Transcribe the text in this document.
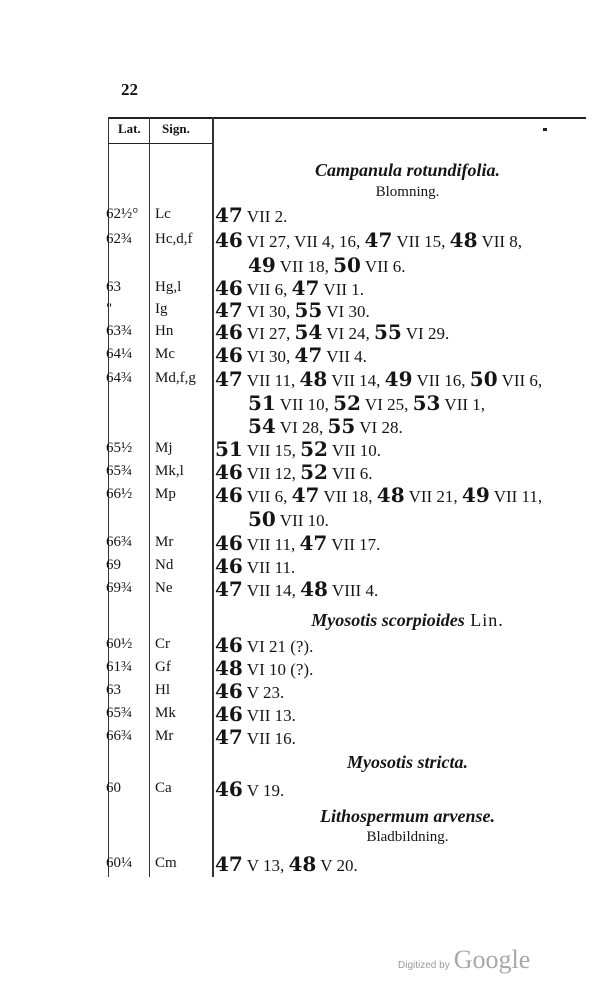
22
Lat. Sign.
Campanula rotundifolia.
Blomning.
62½° Lc 47 VII 2.
62¾ Hc,d,f 46 VI 27, VII 4, 16, 47 VII 15, 48 VII 8,
49 VII 18, 50 VII 6.
63 Hg,l 46 VII 6, 47 VII 1.
"	Ig 47 VI 30, 55 VI 30.
63¾ Hn 46 VI 27, 54 VI 24, 55 VI 29.
64¼ Mc 46 VI 30, 47 VII 4.
64¾ Md,f,g 47 VII 11, 48 VII 14, 49 VII 16, 50 VII 6,
51 VII 10, 52 VI 25, 53 VII 1,
54 VI 28, 55 VI 28.
65½ Mj 51 VII 15, 52 VII 10.
65¾ Mk,l 46 VII 12, 52 VII 6.
66½ Mp 46 VII 6, 47 VII 18, 48 VII 21, 49 VII 11,
50 VII 10.
66¾ Mr 46 VII 11, 47 VII 17.
69 Nd 46 VII 11.
69¾ Ne 47 VII 14, 48 VIII 4.
Myosotis scorpioides Lin.
60½ Cr 46 VI 21 (?).
61¾ Gf 48 VI 10 (?).
63 Hl 46 V 23.
65¾ Mk 46 VII 13.
66¾ Mr 47 VII 16.
Myosotis stricta.
60 Ca 46 V 19.
Lithospermum arvense.
Bladbildning.
60¼ Cm 47 V 13, 48 V 20.
Digitized by Google
